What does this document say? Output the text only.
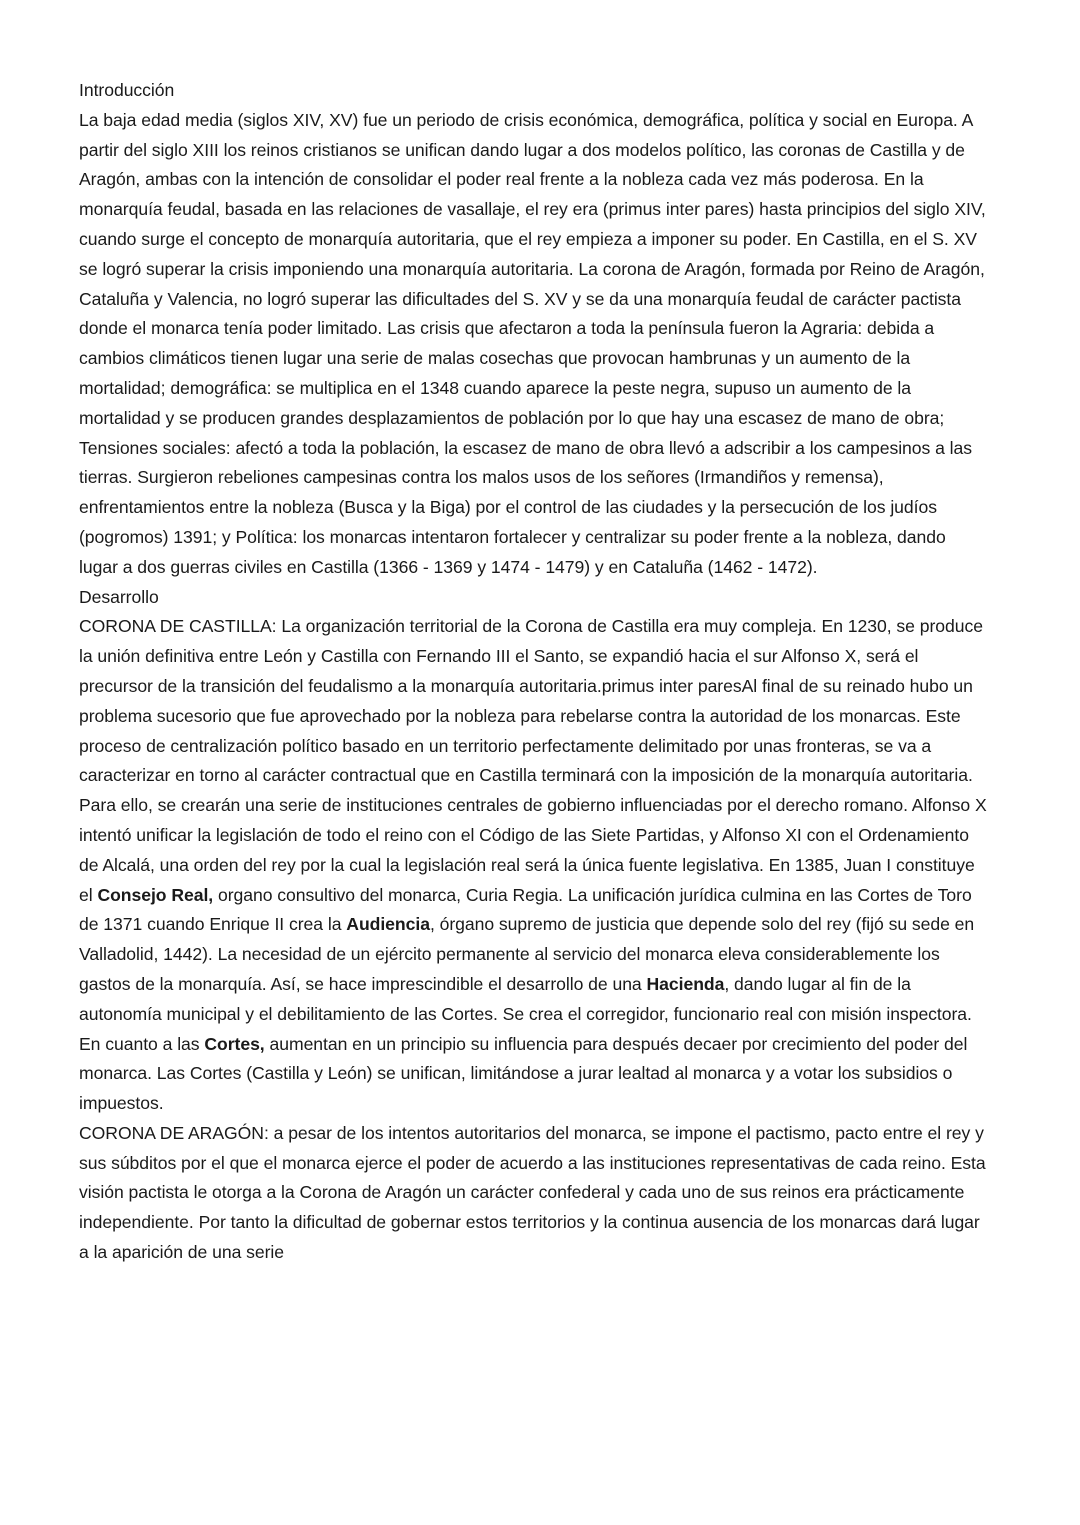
Introducción

La baja edad media (siglos XIV, XV) fue un periodo de crisis económica, demográfica, política y social en Europa. A partir del siglo XIII los reinos cristianos se unifican dando lugar a dos modelos político, las coronas de Castilla y de Aragón, ambas con la intención de consolidar el poder real frente a la nobleza cada vez más poderosa. En la monarquía feudal, basada en las relaciones de vasallaje, el rey era (primus inter pares) hasta principios del siglo XIV, cuando surge el concepto de monarquía autoritaria, que el rey empieza a imponer su poder. En Castilla, en el S. XV se logró superar la crisis imponiendo una monarquía autoritaria. La corona de Aragón, formada por Reino de Aragón, Cataluña y Valencia, no logró superar las dificultades del S. XV y se da una monarquía feudal de carácter pactista donde el monarca tenía poder limitado. Las crisis que afectaron a toda la península fueron la Agraria: debida a cambios climáticos tienen lugar una serie de malas cosechas que provocan hambrunas y un aumento de la mortalidad; demográfica: se multiplica en el 1348 cuando aparece la peste negra, supuso un aumento de la mortalidad y se producen grandes desplazamientos de población por lo que hay una escasez de mano de obra; Tensiones sociales: afectó a toda la población, la escasez de mano de obra llevó a adscribir a los campesinos a las tierras. Surgieron rebeliones campesinas contra los malos usos de los señores (Irmandiños y remensa), enfrentamientos entre la nobleza (Busca y la Biga) por el control de las ciudades y la persecución de los judíos (pogromos) 1391; y Política: los monarcas intentaron fortalecer y centralizar su poder frente a la nobleza, dando lugar a dos guerras civiles en Castilla (1366 - 1369 y 1474 - 1479) y en Cataluña (1462 - 1472).

Desarrollo

CORONA DE CASTILLA: La organización territorial de la Corona de Castilla era muy compleja. En 1230, se produce la unión definitiva entre León y Castilla con Fernando III el Santo, se expandió hacia el sur Alfonso X, será el precursor de la transición del feudalismo a la monarquía autoritaria.primus inter paresAl final de su reinado hubo un problema sucesorio que fue aprovechado por la nobleza para rebelarse contra la autoridad de los monarcas. Este proceso de centralización político basado en un territorio perfectamente delimitado por unas fronteras, se va a caracterizar en torno al carácter contractual que en Castilla terminará con la imposición de la monarquía autoritaria. Para ello, se crearán una serie de instituciones centrales de gobierno influenciadas por el derecho romano. Alfonso X intentó unificar la legislación de todo el reino con el Código de las Siete Partidas, y Alfonso XI con el Ordenamiento de Alcalá, una orden del rey por la cual la legislación real será la única fuente legislativa. En 1385, Juan I constituye el Consejo Real, organo consultivo del monarca, Curia Regia. La unificación jurídica culmina en las Cortes de Toro de 1371 cuando Enrique II crea la Audiencia, órgano supremo de justicia que depende solo del rey (fijó su sede en Valladolid, 1442). La necesidad de un ejército permanente al servicio del monarca eleva considerablemente los gastos de la monarquía. Así, se hace imprescindible el desarrollo de una Hacienda, dando lugar al fin de la autonomía municipal y el debilitamiento de las Cortes. Se crea el corregidor, funcionario real con misión inspectora. En cuanto a las Cortes, aumentan en un principio su influencia para después decaer por crecimiento del poder del monarca. Las Cortes (Castilla y León) se unifican, limitándose a jurar lealtad al monarca y a votar los subsidios o impuestos.

CORONA DE ARAGÓN: a pesar de los intentos autoritarios del monarca, se impone el pactismo, pacto entre el rey y sus súbditos por el que el monarca ejerce el poder de acuerdo a las instituciones representativas de cada reino. Esta visión pactista le otorga a la Corona de Aragón un carácter confederal y cada uno de sus reinos era prácticamente independiente. Por tanto la dificultad de gobernar estos territorios y la continua ausencia de los monarcas dará lugar a la aparición de una serie
